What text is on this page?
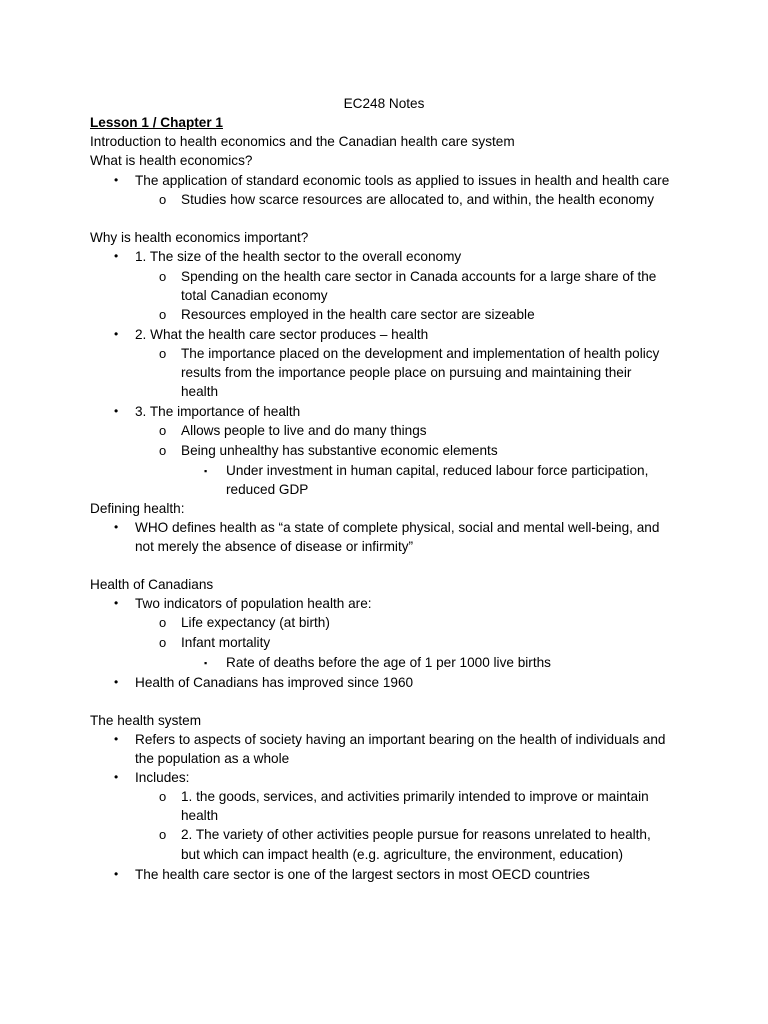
EC248 Notes
Lesson 1 / Chapter 1
Introduction to health economics and the Canadian health care system
What is health economics?
• The application of standard economic tools as applied to issues in health and health care
o Studies how scarce resources are allocated to, and within, the health economy
Why is health economics important?
• 1. The size of the health sector to the overall economy
o Spending on the health care sector in Canada accounts for a large share of the
total Canadian economy
o Resources employed in the health care sector are sizeable
• 2. What the health care sector produces – health
o The importance placed on the development and implementation of health policy
results from the importance people place on pursuing and maintaining their
health
• 3. The importance of health
o Allows people to live and do many things
o Being unhealthy has substantive economic elements
▪ Under investment in human capital, reduced labour force participation,
reduced GDP
Defining health:
• WHO defines health as “a state of complete physical, social and mental well-being, and
not merely the absence of disease or infirmity”
Health of Canadians
• Two indicators of population health are:
o Life expectancy (at birth)
o Infant mortality
▪ Rate of deaths before the age of 1 per 1000 live births
• Health of Canadians has improved since 1960
The health system
• Refers to aspects of society having an important bearing on the health of individuals and
the population as a whole
• Includes:
o 1. the goods, services, and activities primarily intended to improve or maintain
health
o 2. The variety of other activities people pursue for reasons unrelated to health,
but which can impact health (e.g. agriculture, the environment, education)
• The health care sector is one of the largest sectors in most OECD countries
